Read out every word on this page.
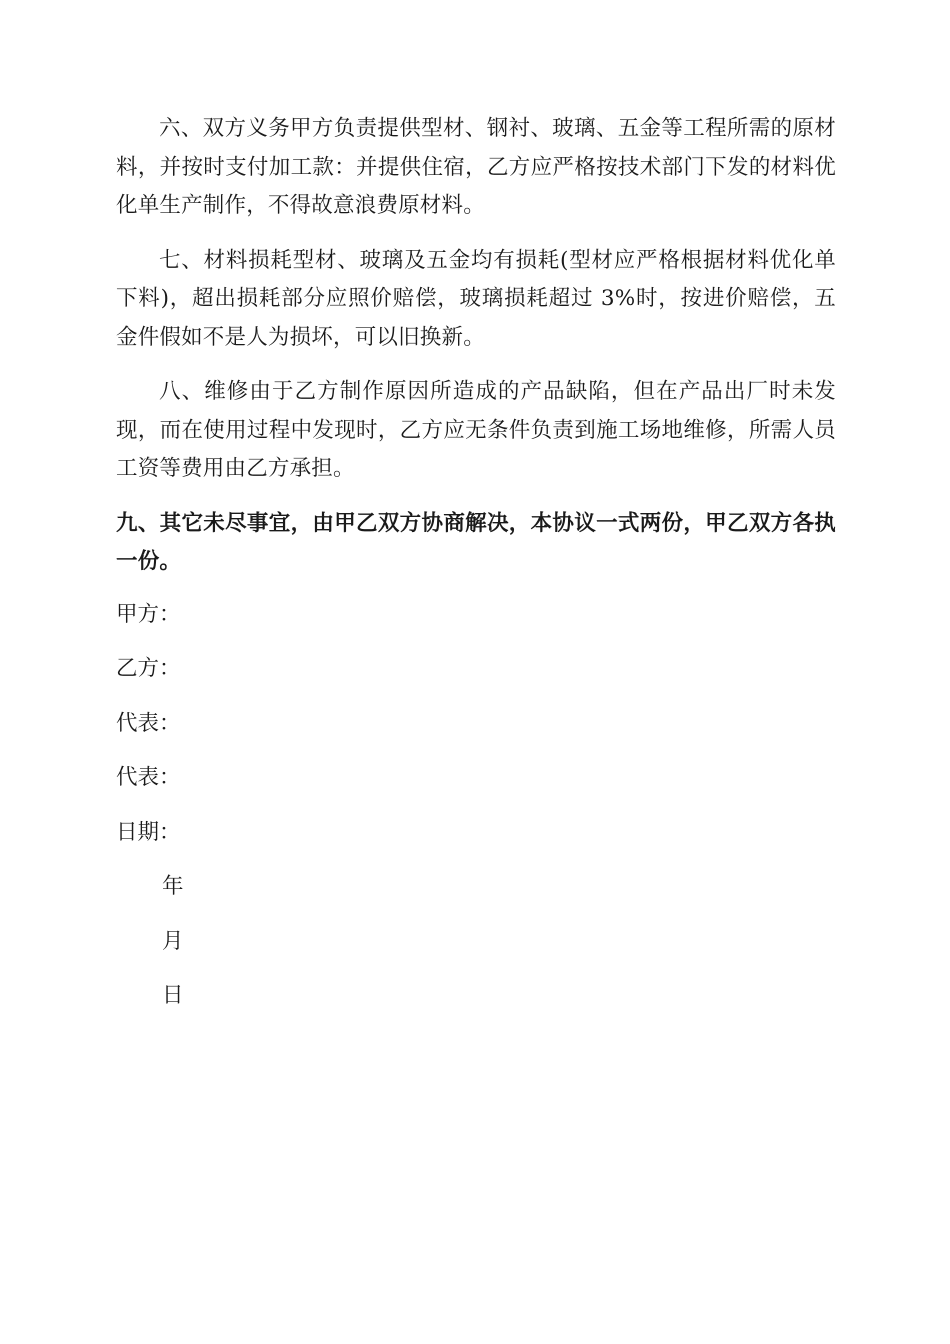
六、双方义务甲方负责提供型材、钢衬、玻璃、五金等工程所需的原材料，并按时支付加工款：并提供住宿，乙方应严格按技术部门下发的材料优化单生产制作，不得故意浪费原材料。

七、材料损耗型材、玻璃及五金均有损耗(型材应严格根据材料优化单下料)，超出损耗部分应照价赔偿，玻璃损耗超过 3%时，按进价赔偿，五金件假如不是人为损坏，可以旧换新。

八、维修由于乙方制作原因所造成的产品缺陷，但在产品出厂时未发现，而在使用过程中发现时，乙方应无条件负责到施工场地维修，所需人员工资等费用由乙方承担。

九、其它未尽事宜，由甲乙双方协商解决，本协议一式两份，甲乙双方各执一份。

甲方：

乙方：

代表：

代表：

日期：

年

月

日
